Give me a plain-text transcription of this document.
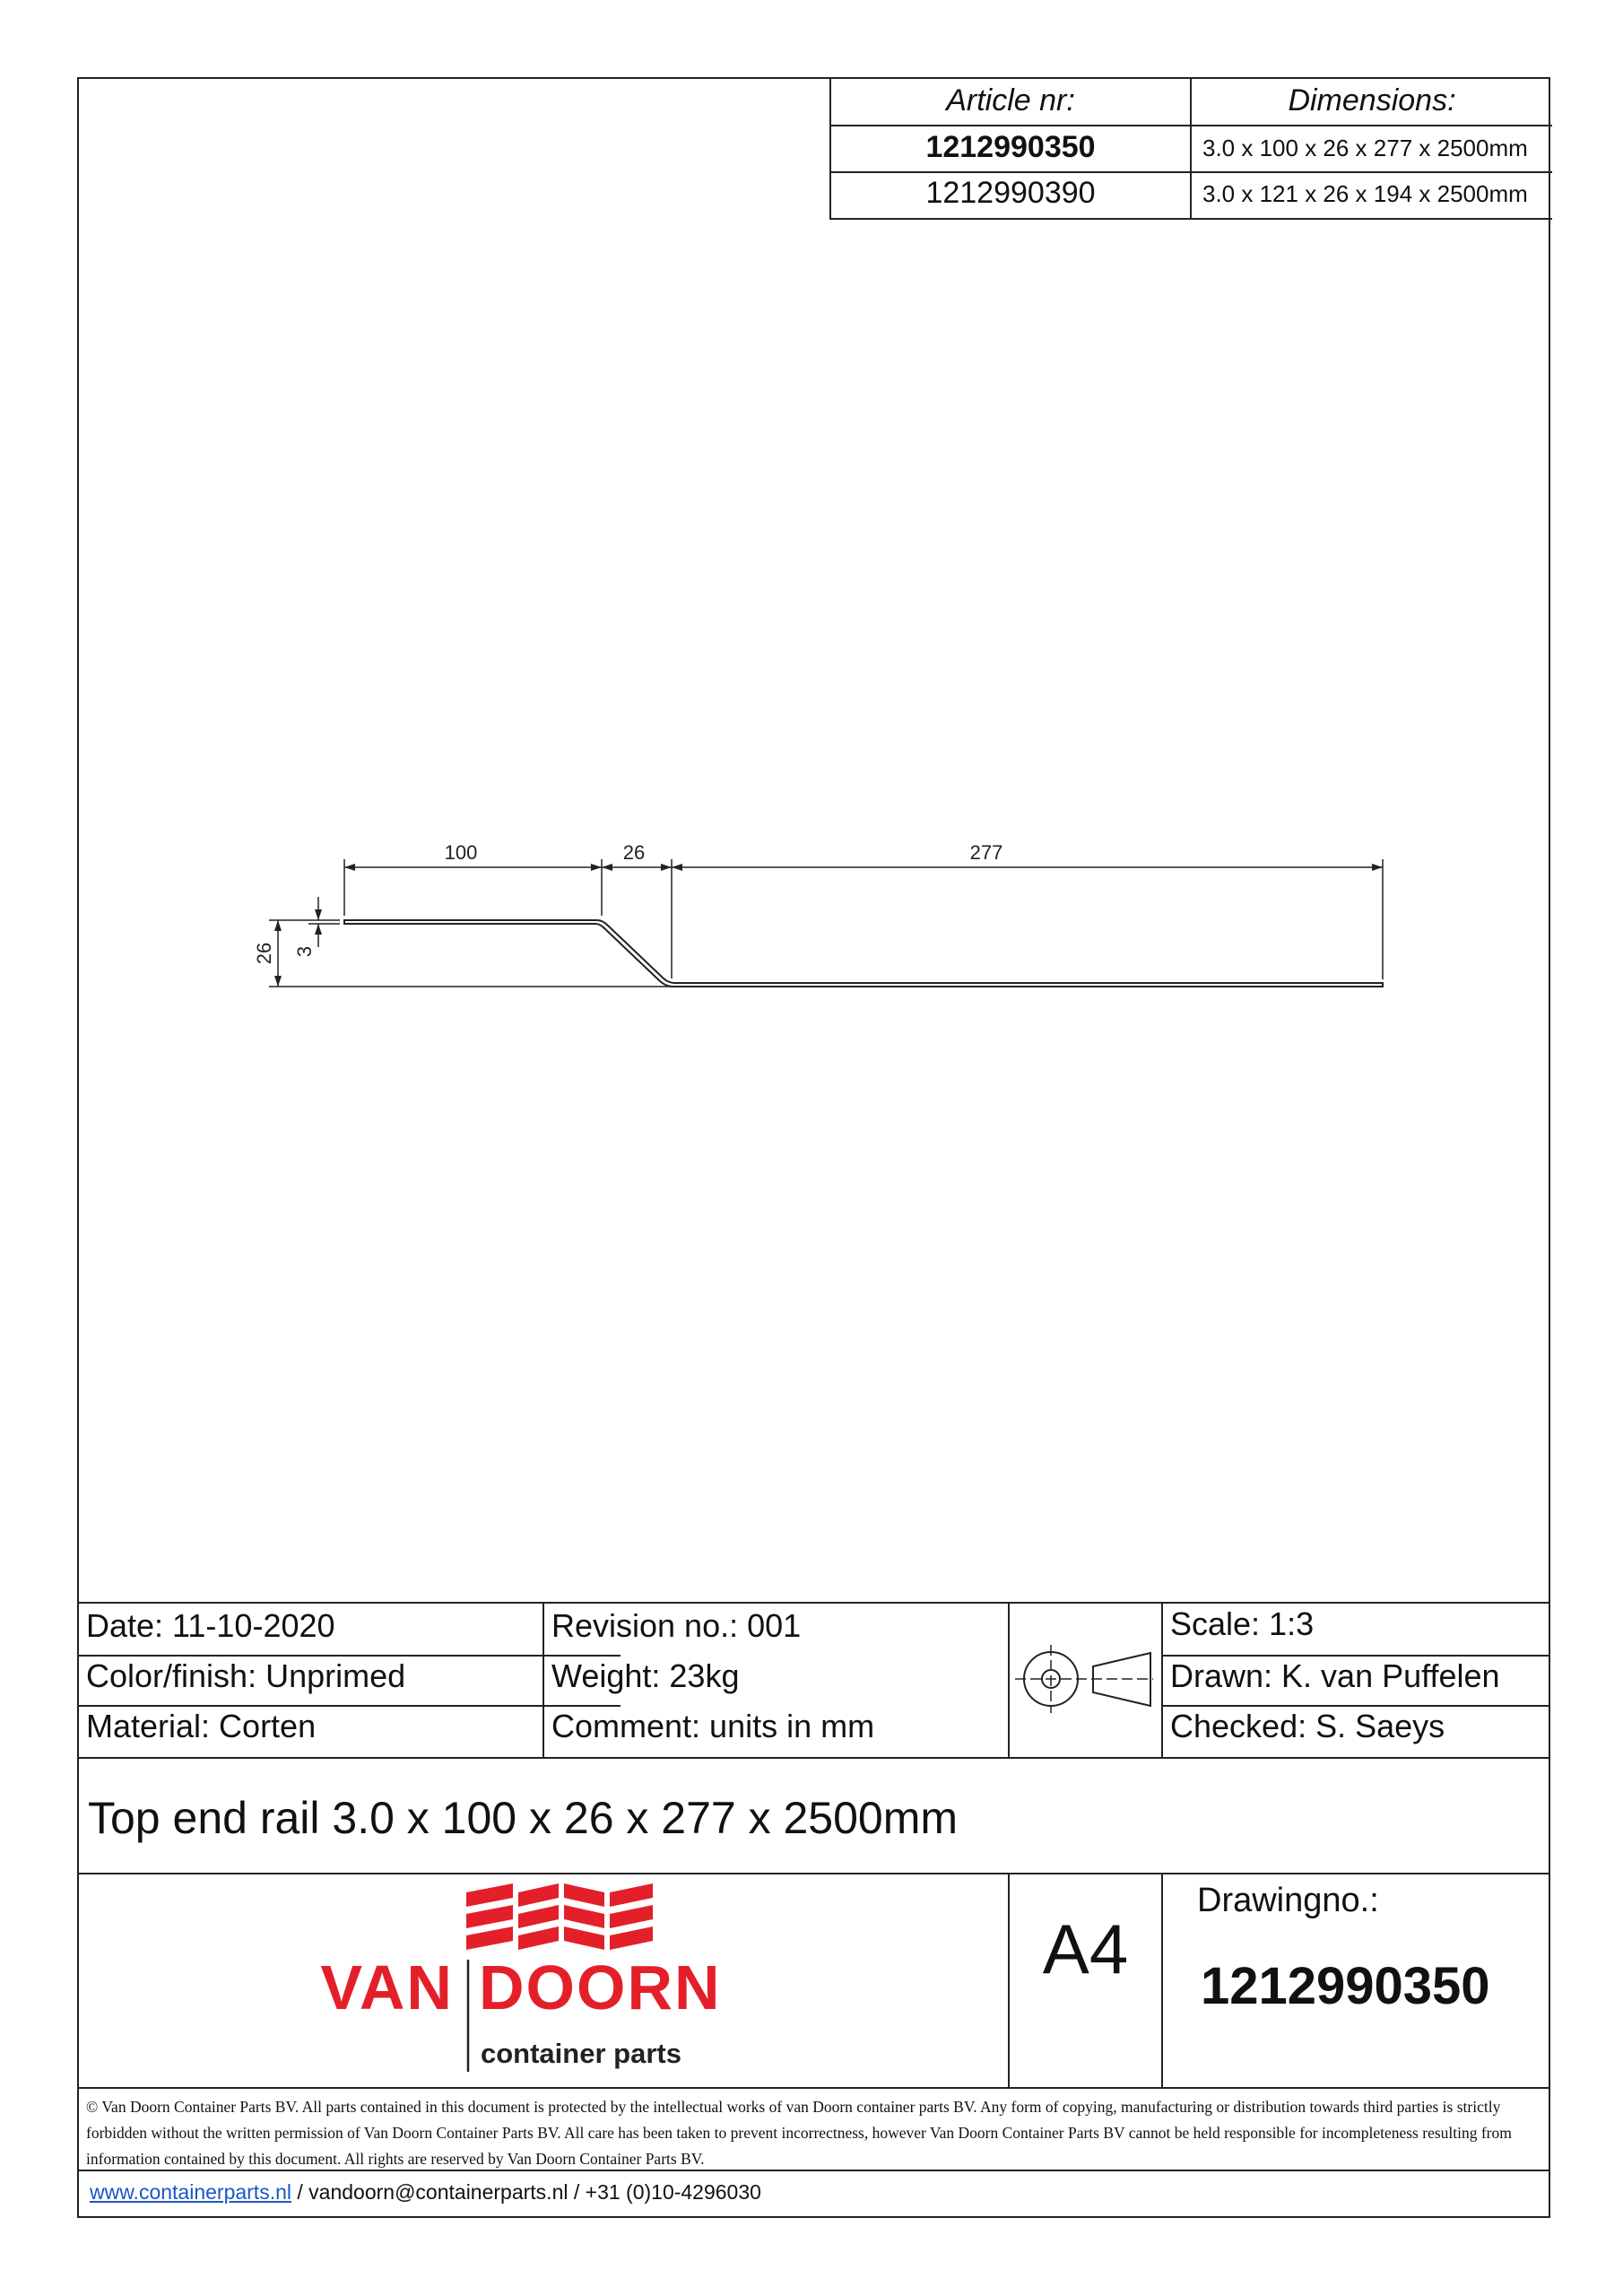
Article nr:	Dimensions:
1212990350	3.0 x 100 x 26 x 277 x 2500mm
1212990390	3.0 x 121 x 26 x 194 x 2500mm
100	26	277
26 3
Date: 11-10-2020	Revision no.: 001	Scale: 1:3
Color/finish: Unprimed	Weight: 23kg	Drawn: K. van Puffelen
Material: Corten	Comment: units in mm	Checked: S. Saeys
Top end rail 3.0 x 100 x 26 x 277 x 2500mm
VAN DOORN
container parts
A4
Drawingno.:
1212990350
© Van Doorn Container Parts BV. All parts contained in this document is protected by the intellectual works of van Doorn container parts BV. Any form of copying, manufacturing or distribution towards third parties is strictly forbidden without the written permission of Van Doorn Container Parts BV. All care has been taken to prevent incorrectness, however Van Doorn Container Parts BV cannot be held responsible for incompleteness resulting from information contained by this document. All rights are reserved by Van Doorn Container Parts BV.
www.containerparts.nl / vandoorn@containerparts.nl / +31 (0)10-4296030
